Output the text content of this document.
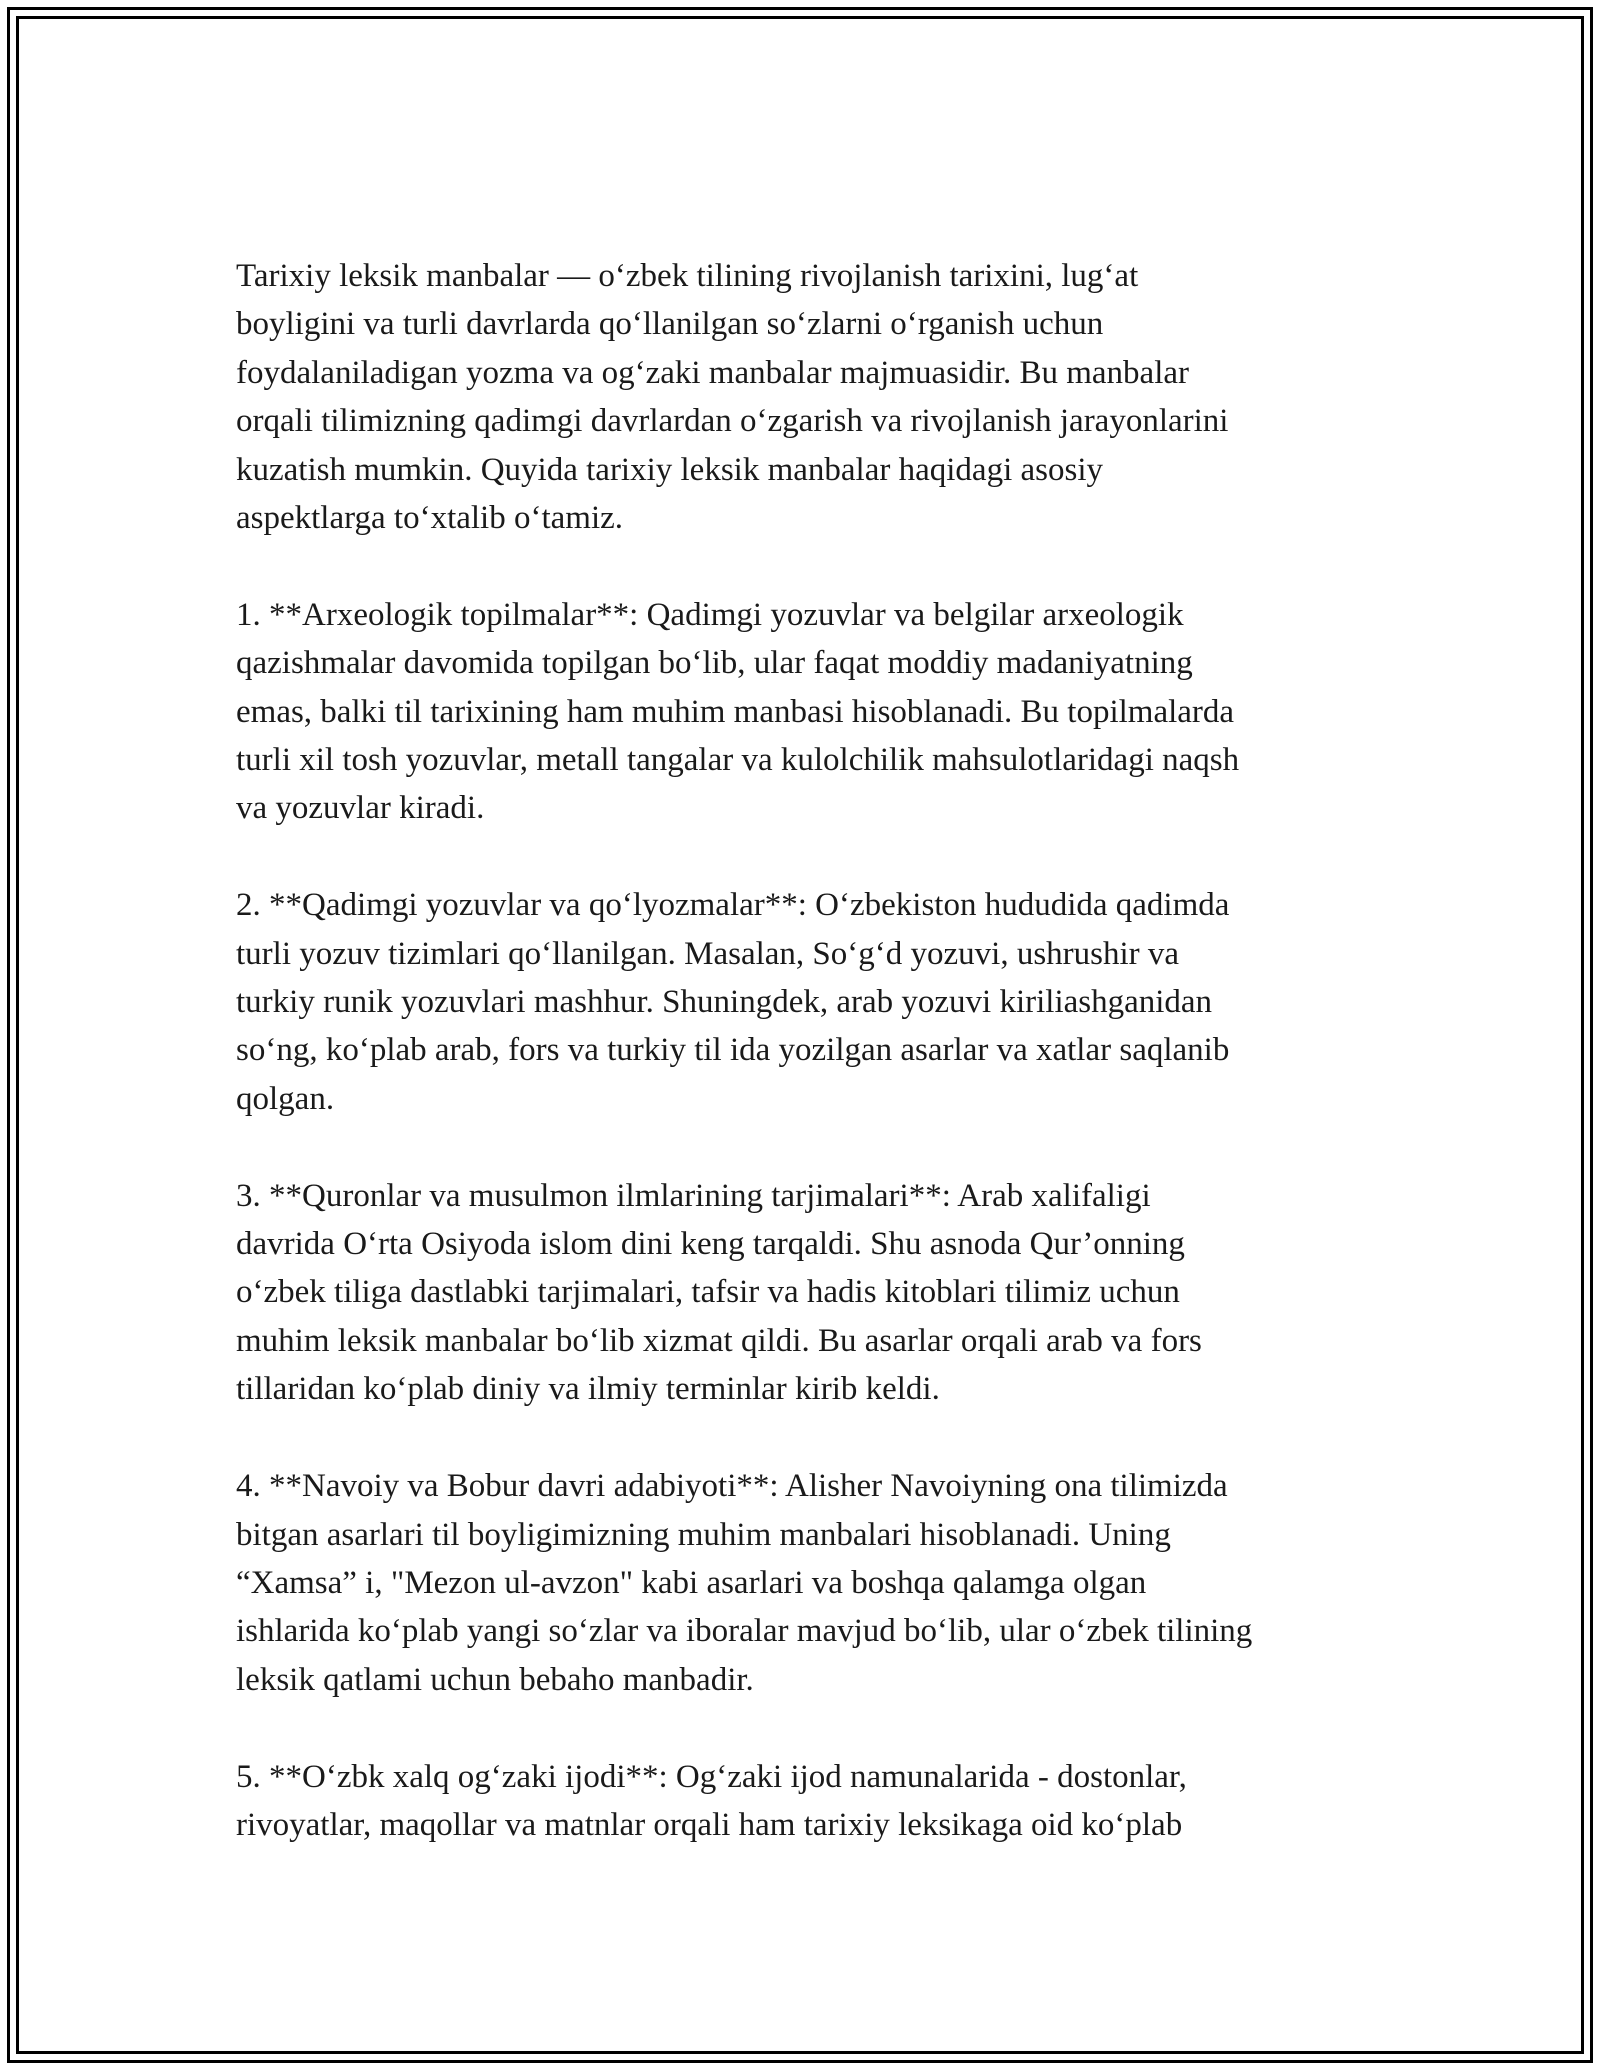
Tarixiy leksik manbalar — o‘zbek tilining rivojlanish tarixini, lug‘at
boyligini va turli davrlarda qo‘llanilgan so‘zlarni o‘rganish uchun
foydalaniladigan yozma va og‘zaki manbalar majmuasidir. Bu manbalar
orqali tilimizning qadimgi davrlardan o‘zgarish va rivojlanish jarayonlarini
kuzatish mumkin. Quyida tarixiy leksik manbalar haqidagi asosiy
aspektlarga to‘xtalib o‘tamiz.

1. **Arxeologik topilmalar**: Qadimgi yozuvlar va belgilar arxeologik
qazishmalar davomida topilgan bo‘lib, ular faqat moddiy madaniyatning
emas, balki til tarixining ham muhim manbasi hisoblanadi. Bu topilmalarda
turli xil tosh yozuvlar, metall tangalar va kulolchilik mahsulotlaridagi naqsh
va yozuvlar kiradi.

2. **Qadimgi yozuvlar va qo‘lyozmalar**: O‘zbekiston hududida qadimda
turli yozuv tizimlari qo‘llanilgan. Masalan, So‘g‘d yozuvi, ushrushir va
turkiy runik yozuvlari mashhur. Shuningdek, arab yozuvi kiriliashganidan
so‘ng, ko‘plab arab, fors va turkiy til ida yozilgan asarlar va xatlar saqlanib
qolgan.

3. **Quronlar va musulmon ilmlarining tarjimalari**: Arab xalifaligi
davrida O‘rta Osiyoda islom dini keng tarqaldi. Shu asnoda Qur’onning
o‘zbek tiliga dastlabki tarjimalari, tafsir va hadis kitoblari tilimiz uchun
muhim leksik manbalar bo‘lib xizmat qildi. Bu asarlar orqali arab va fors
tillaridan ko‘plab diniy va ilmiy terminlar kirib keldi.

4. **Navoiy va Bobur davri adabiyoti**: Alisher Navoiyning ona tilimizda
bitgan asarlari til boyligimizning muhim manbalari hisoblanadi. Uning
“Xamsa” i, "Mezon ul-avzon" kabi asarlari va boshqa qalamga olgan
ishlarida ko‘plab yangi so‘zlar va iboralar mavjud bo‘lib, ular o‘zbek tilining
leksik qatlami uchun bebaho manbadir.

5. **O‘zbk xalq og‘zaki ijodi**: Og‘zaki ijod namunalarida - dostonlar,
rivoyatlar, maqollar va matnlar orqali ham tarixiy leksikaga oid ko‘plab
